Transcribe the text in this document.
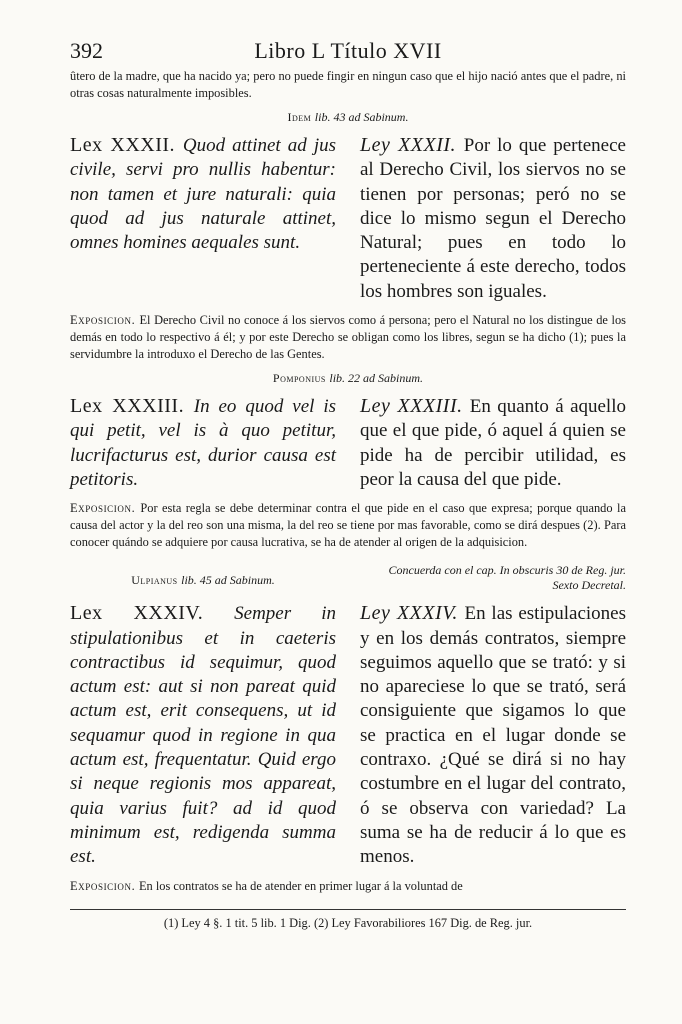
392	Libro L Título XVII
ûtero de la madre, que ha nacido ya; pero no puede fingir en ningun caso que el hijo nació antes que el padre, ni otras cosas naturalmente imposibles.
Idem lib. 43 ad Sabinum.
Lex XXXII. Quod attinet ad jus civile, servi pro nullis habentur: non tamen et jure naturali: quia quod ad jus naturale attinet, omnes homines aequales sunt.
Ley XXXII. Por lo que pertenece al Derecho Civil, los siervos no se tienen por personas; peró no se dice lo mismo segun el Derecho Natural; pues en todo lo perteneciente á este derecho, todos los hombres son iguales.
Exposicion. El Derecho Civil no conoce á los siervos como á persona; pero el Natural no los distingue de los demás en todo lo respectivo á él; y por este Derecho se obligan como los libres, segun se ha dicho (1); pues la servidumbre la introduxo el Derecho de las Gentes.
Pomponius lib. 22 ad Sabinum.
Lex XXXIII. In eo quod vel is qui petit, vel is à quo petitur, lucrifacturus est, durior causa est petitoris.
Ley XXXIII. En quanto á aquello que el que pide, ó aquel á quien se pide ha de percibir utilidad, es peor la causa del que pide.
Exposicion. Por esta regla se debe determinar contra el que pide en el caso que expresa; porque quando la causa del actor y la del reo son una misma, la del reo se tiene por mas favorable, como se dirá despues (2). Para conocer quándo se adquiere por causa lucrativa, se ha de atender al origen de la adquisicion.
Ulpianus lib. 45 ad Sabinum.
Concuerda con el cap. In obscuris 30 de Reg. jur. Sexto Decretal.
Lex XXXIV. Semper in stipulationibus et in caeteris contractibus id sequimur, quod actum est: aut si non pareat quid actum est, erit consequens, ut id sequamur quod in regione in qua actum est, frequentatur. Quid ergo si neque regionis mos appareat, quia varius fuit? ad id quod minimum est, redigenda summa est.
Ley XXXIV. En las estipulaciones y en los demás contratos, siempre seguimos aquello que se trató: y si no apareciese lo que se trató, será consiguiente que sigamos lo que se practica en el lugar donde se contraxo. ¿Qué se dirá si no hay costumbre en el lugar del contrato, ó se observa con variedad? La suma se ha de reducir á lo que es menos.
Exposicion. En los contratos se ha de atender en primer lugar á la voluntad de
(1) Ley 4 §. 1 tit. 5 lib. 1 Dig. (2) Ley Favorabiliores 167 Dig. de Reg. jur.
